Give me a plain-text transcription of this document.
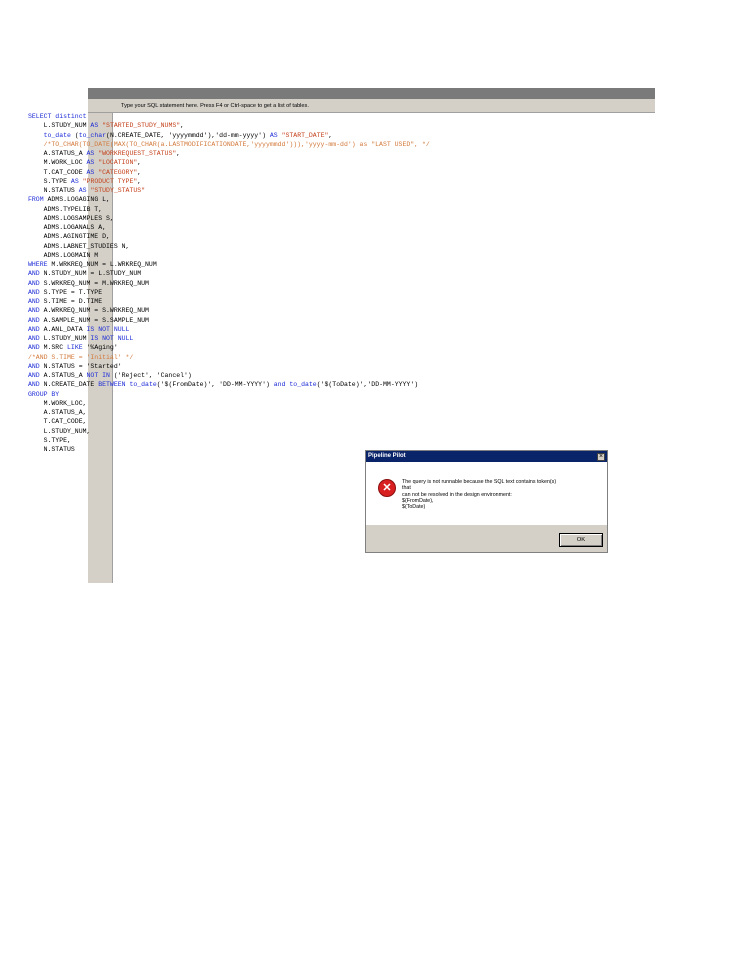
Type your SQL statement here. Press F4 or Ctrl-space to get a list of tables.
SELECT distinct
L.STUDY_NUM AS "STARTED_STUDY_NUMS",
to_date (to_char(N.CREATE_DATE, 'yyyymmdd'),'dd-mm-yyyy') AS "START_DATE",
/*TO_CHAR(TO_DATE(MAX(TO_CHAR(a.LASTMODIFICATIONDATE,'yyyymmdd'))),'yyyy-mm-dd') as "LAST USED", */
A.STATUS_A AS "WORKREQUEST_STATUS",
M.WORK_LOC AS "LOCATION",
T.CAT_CODE AS "CATEGORY",
S.TYPE AS "PRODUCT TYPE",
N.STATUS AS "STUDY_STATUS"
FROM ADMS.LOGAGING L,
ADMS.TYPELIB T,
ADMS.LOGSAMPLES S,
ADMS.LOGANALS A,
ADMS.AGINGTIME D,
ADMS.LABNET_STUDIES N,
ADMS.LOGMAIN M
WHERE M.WRKREQ_NUM = L.WRKREQ_NUM
AND N.STUDY_NUM = L.STUDY_NUM
AND S.WRKREQ_NUM = M.WRKREQ_NUM
AND S.TYPE = T.TYPE
AND S.TIME = D.TIME
AND A.WRKREQ_NUM = S.WRKREQ_NUM
AND A.SAMPLE_NUM = S.SAMPLE_NUM
AND A.ANL_DATA IS NOT NULL
AND L.STUDY_NUM IS NOT NULL
AND M.SRC LIKE '%Aging'
/*AND S.TIME = 'Initial' */
AND N.STATUS = 'Started'
AND A.STATUS_A NOT IN ('Reject', 'Cancel')
AND N.CREATE_DATE BETWEEN to_date('$(FromDate)', 'DD-MM-YYYY') and to_date('$(ToDate)','DD-MM-YYYY')
GROUP BY
M.WORK_LOC,
A.STATUS_A,
T.CAT_CODE,
L.STUDY_NUM,
S.TYPE,
N.STATUS
Pipeline Pilot	×
✕	The query is not runnable because the SQL text contains token(s)
that
can not be resolved in the design environment:
$(FromDate),
$(ToDate)
OK
